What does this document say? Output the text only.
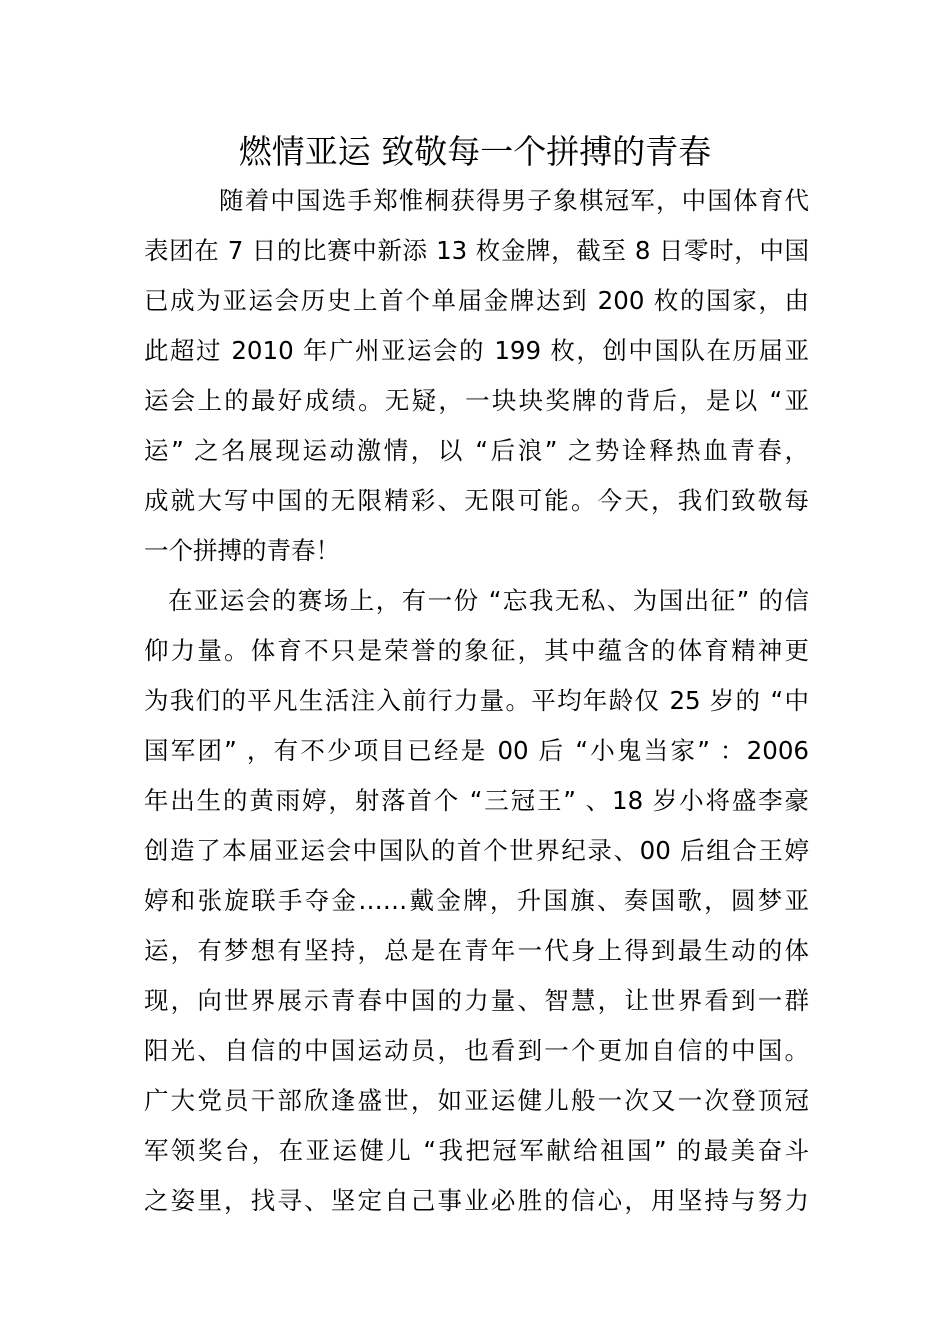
燃情亚运 致敬每一个拼搏的青春
随着中国选手郑惟桐获得男子象棋冠军，中国体育代
表团在 7 日的比赛中新添 13 枚金牌，截至 8 日零时，中国
已成为亚运会历史上首个单届金牌达到 200 枚的国家，由
此超过 2010 年广州亚运会的 199 枚，创中国队在历届亚
运会上的最好成绩。无疑，一块块奖牌的背后，是以 “亚
运” 之名展现运动激情，以 “后浪” 之势诠释热血青春，
成就大写中国的无限精彩、无限可能。今天，我们致敬每
一个拼搏的青春！
在亚运会的赛场上，有一份 “忘我无私、为国出征” 的信
仰力量。体育不只是荣誉的象征，其中蕴含的体育精神更
为我们的平凡生活注入前行力量。平均年龄仅 25 岁的 “中
国军团” ，有不少项目已经是 00 后 “小鬼当家” ：2006
年出生的黄雨婷，射落首个 “三冠王” 、18 岁小将盛李豪
创造了本届亚运会中国队的首个世界纪录、00 后组合王婷
婷和张旋联手夺金……戴金牌，升国旗、奏国歌，圆梦亚
运，有梦想有坚持，总是在青年一代身上得到最生动的体
现，向世界展示青春中国的力量、智慧，让世界看到一群
阳光、自信的中国运动员，也看到一个更加自信的中国。
广大党员干部欣逢盛世，如亚运健儿般一次又一次登顶冠
军领奖台，在亚运健儿 “我把冠军献给祖国” 的最美奋斗
之姿里，找寻、坚定自己事业必胜的信心，用坚持与努力
